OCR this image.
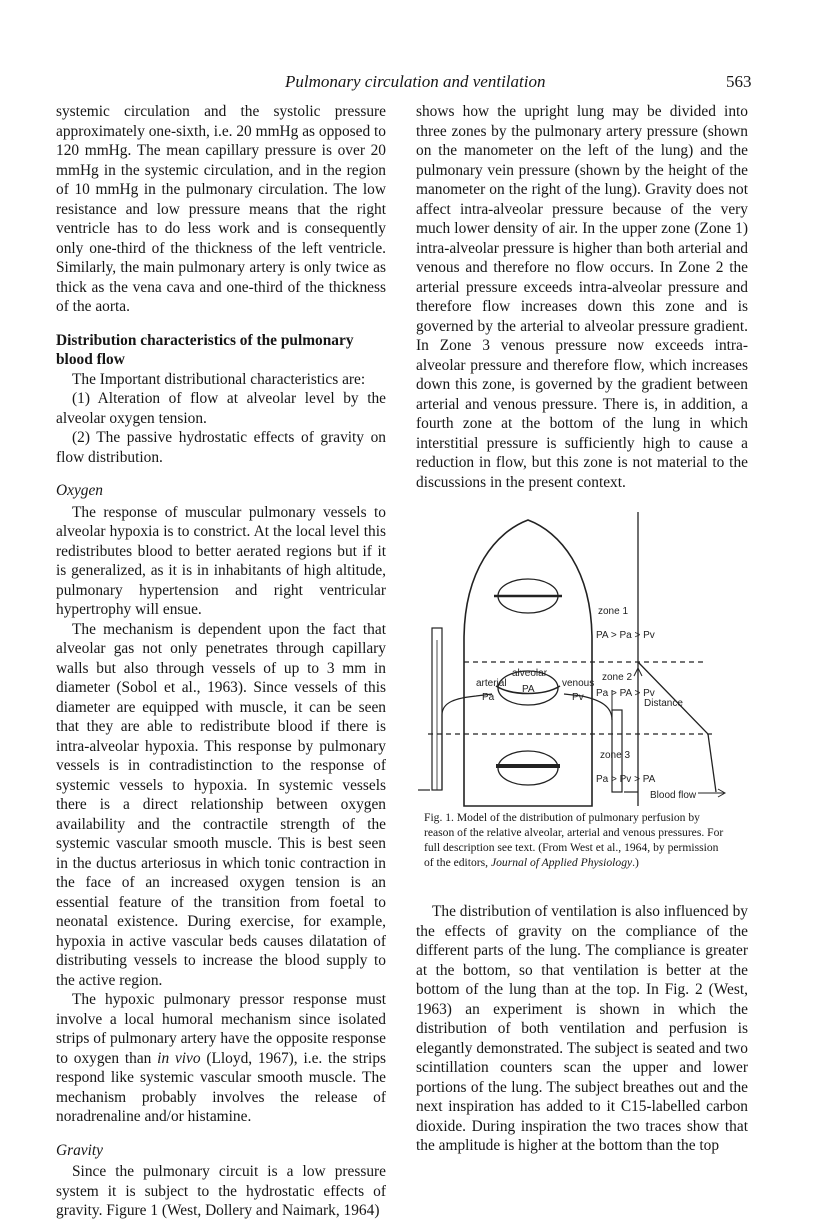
Pulmonary circulation and ventilation	563

systemic circulation and the systolic pressure approximately one-sixth, i.e. 20 mmHg as opposed to 120 mmHg. The mean capillary pressure is over 20 mmHg in the systemic circulation, and in the region of 10 mmHg in the pulmonary circulation. The low resistance and low pressure means that the right ventricle has to do less work and is consequently only one-third of the thickness of the left ventricle. Similarly, the main pulmonary artery is only twice as thick as the vena cava and one-third of the thickness of the aorta.

Distribution characteristics of the pulmonary blood flow

The Important distributional characteristics are:

(1) Alteration of flow at alveolar level by the alveolar oxygen tension.

(2) The passive hydrostatic effects of gravity on flow distribution.

Oxygen

The response of muscular pulmonary vessels to alveolar hypoxia is to constrict. At the local level this redistributes blood to better aerated regions but if it is generalized, as it is in inhabitants of high altitude, pulmonary hypertension and right ventricular hypertrophy will ensue.

The mechanism is dependent upon the fact that alveolar gas not only penetrates through capillary walls but also through vessels of up to 3 mm in diameter (Sobol et al., 1963). Since vessels of this diameter are equipped with muscle, it can be seen that they are able to redistribute blood if there is intra-alveolar hypoxia. This response by pulmonary vessels is in contradistinction to the response of systemic vessels to hypoxia. In systemic vessels there is a direct relationship between oxygen availability and the contractile strength of the systemic vascular smooth muscle. This is best seen in the ductus arteriosus in which tonic contraction in the face of an increased oxygen tension is an essential feature of the transition from foetal to neonatal existence. During exercise, for example, hypoxia in active vascular beds causes dilatation of distributing vessels to increase the blood supply to the active region.

The hypoxic pulmonary pressor response must involve a local humoral mechanism since isolated strips of pulmonary artery have the opposite response to oxygen than in vivo (Lloyd, 1967), i.e. the strips respond like systemic vascular smooth muscle. The mechanism probably involves the release of noradrenaline and/or histamine.

Gravity

Since the pulmonary circuit is a low pressure system it is subject to the hydrostatic effects of gravity. Figure 1 (West, Dollery and Naimark, 1964)

shows how the upright lung may be divided into three zones by the pulmonary artery pressure (shown on the manometer on the left of the lung) and the pulmonary vein pressure (shown by the height of the manometer on the right of the lung). Gravity does not affect intra-alveolar pressure because of the very much lower density of air. In the upper zone (Zone 1) intra-alveolar pressure is higher than both arterial and venous and therefore no flow occurs. In Zone 2 the arterial pressure exceeds intra-alveolar pressure and therefore flow increases down this zone and is governed by the arterial to alveolar pressure gradient. In Zone 3 venous pressure now exceeds intra-alveolar pressure and therefore flow, which increases down this zone, is governed by the gradient between arterial and venous pressure. There is, in addition, a fourth zone at the bottom of the lung in which interstitial pressure is sufficiently high to cause a reduction in flow, but this zone is not material to the discussions in the present context.

zone 1
PA > Pa > Pv
zone 2
Pa > PA > Pv
alveolar
PA
arterial	venous
Pa	Pv
Distance
zone 3
Pa > Pv > PA
Blood flow

Fig. 1. Model of the distribution of pulmonary perfusion by reason of the relative alveolar, arterial and venous pressures. For full description see text. (From West et al., 1964, by permission of the editors, Journal of Applied Physiology.)

The distribution of ventilation is also influenced by the effects of gravity on the compliance of the different parts of the lung. The compliance is greater at the bottom, so that ventilation is better at the bottom of the lung than at the top. In Fig. 2 (West, 1963) an experiment is shown in which the distribution of both ventilation and perfusion is elegantly demonstrated. The subject is seated and two scintillation counters scan the upper and lower portions of the lung. The subject breathes out and the next inspiration has added to it C15-labelled carbon dioxide. During inspiration the two traces show that the amplitude is higher at the bottom than the top
